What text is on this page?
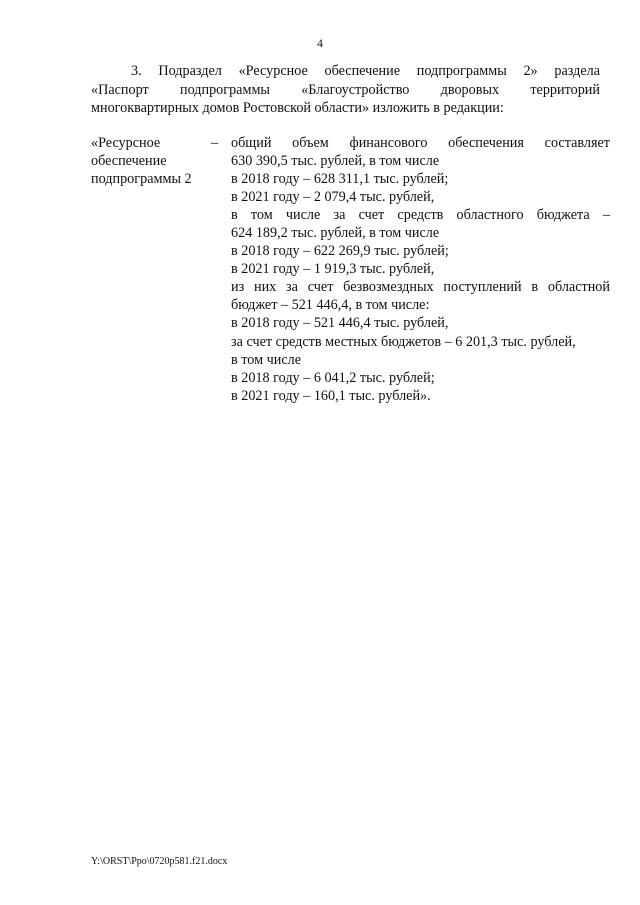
4
3. Подраздел «Ресурсное обеспечение подпрограммы 2» раздела
«Паспорт подпрограммы «Благоустройство дворовых территорий
многоквартирных домов Ростовской области» изложить в редакции:
«Ресурсное
обеспечение
подпрограммы 2
– общий объем финансового обеспечения составляет
630 390,5 тыс. рублей, в том числе
в 2018 году – 628 311,1 тыс. рублей;
в 2021 году – 2 079,4 тыс. рублей,
в том числе за счет средств областного бюджета –
624 189,2 тыс. рублей, в том числе
в 2018 году – 622 269,9 тыс. рублей;
в 2021 году – 1 919,3 тыс. рублей,
из них за счет безвозмездных поступлений в областной
бюджет – 521 446,4, в том числе:
в 2018 году – 521 446,4 тыс. рублей,
за счет средств местных бюджетов – 6 201,3 тыс. рублей,
в том числе
в 2018 году – 6 041,2 тыс. рублей;
в 2021 году – 160,1 тыс. рублей».
Y:\ORST\Ppo\0720p581.f21.docx
